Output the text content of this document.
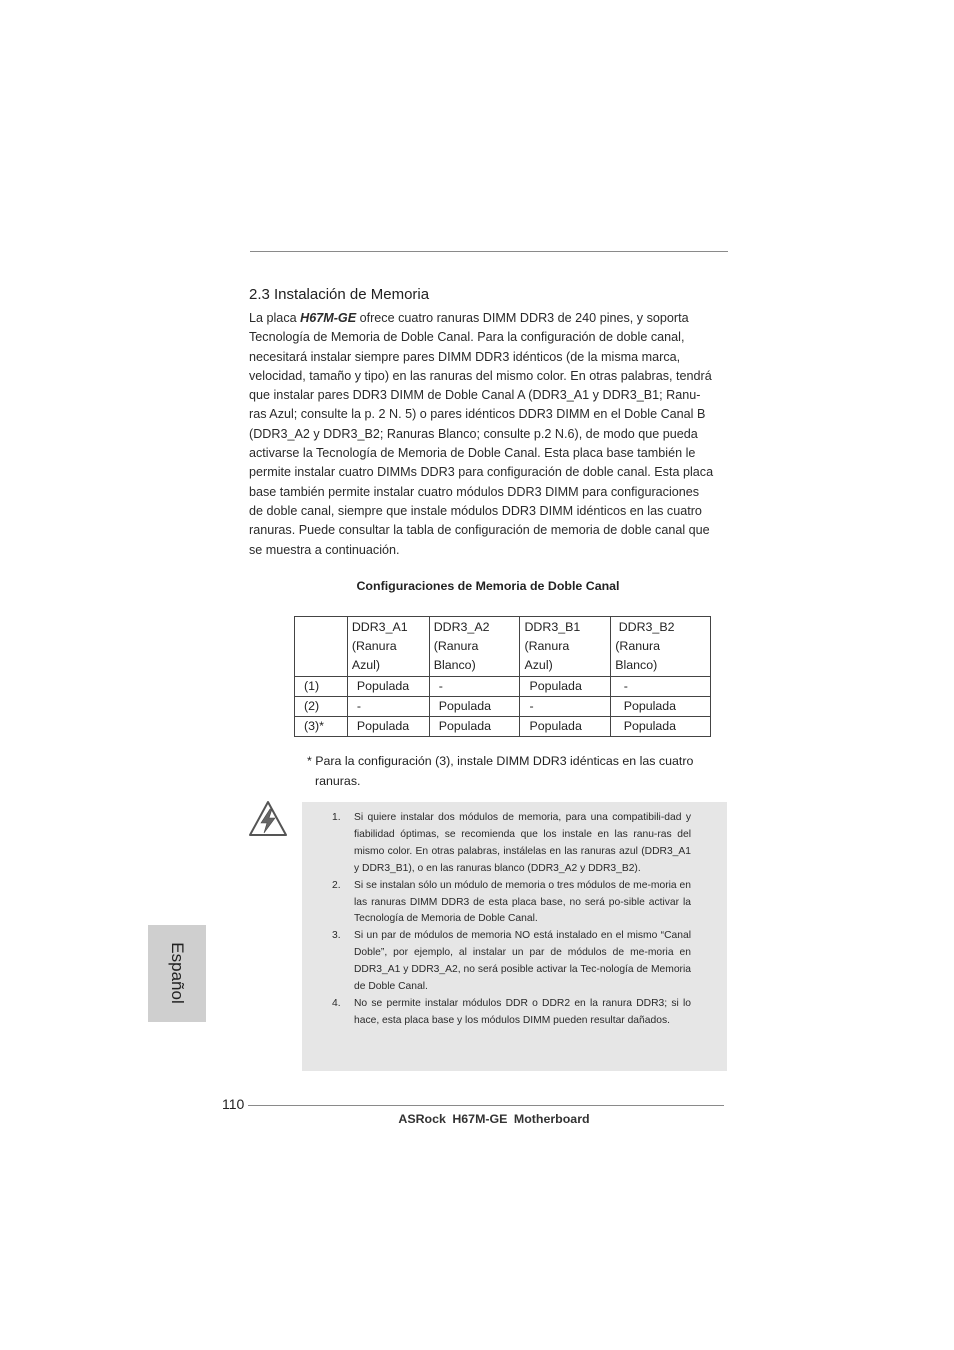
2.3 Instalación de Memoria

La placa H67M-GE ofrece cuatro ranuras DIMM DDR3 de 240 pines, y soporta

Tecnología de Memoria de Doble Canal. Para la configuración de doble canal,

necesitará instalar siempre pares DIMM DDR3 idénticos (de la misma marca,

velocidad, tamaño y tipo) en las ranuras del mismo color. En otras palabras, tendrá

que instalar pares DDR3 DIMM de Doble Canal A (DDR3_A1 y DDR3_B1; Ranu-

ras Azul; consulte la p. 2 N. 5) o pares idénticos DDR3 DIMM en el Doble Canal B

(DDR3_A2 y DDR3_B2; Ranuras Blanco; consulte p.2 N.6), de modo que pueda

activarse la Tecnología de Memoria de Doble Canal. Esta placa base también le

permite instalar cuatro DIMMs DDR3 para configuración de doble canal. Esta placa

base también permite instalar cuatro módulos DDR3 DIMM para configuraciones

de doble canal, siempre que instale módulos DDR3 DIMM idénticos en las cuatro

ranuras. Puede consultar la tabla de configuración de memoria de doble canal que

se muestra a continuación.

Configuraciones de Memoria de Doble Canal
	DDR3_A1
(Ranura
Azul)	DDR3_A2
(Ranura
Blanco)	DDR3_B1
(Ranura
Azul)	DDR3_B2
(Ranura
Blanco)
(1)	Populada	-	Populada	-
(2)	-	Populada	-	Populada
(3)*	Populada	Populada	Populada	Populada

* Para la configuración (3), instale DIMM DDR3 idénticas en las cuatro

ranuras.

1.	Si quiere instalar dos módulos de memoria, para una compatibili-dad y fiabilidad óptimas, se recomienda que los instale en las ranu-ras del mismo color. En otras palabras, instálelas en las ranuras azul (DDR3_A1 y DDR3_B1), o en las ranuras blanco (DDR3_A2 y DDR3_B2).
2.	Si se instalan sólo un módulo de memoria o tres módulos de me-moria en las ranuras DIMM DDR3 de esta placa base, no será po-sible activar la Tecnología de Memoria de Doble Canal.
3.	Si un par de módulos de memoria NO está instalado en el mismo “Canal Doble”, por ejemplo, al instalar un par de módulos de me-moria en DDR3_A1 y DDR3_A2, no será posible activar la Tec-nología de Memoria de Doble Canal.
4.	No se permite instalar módulos DDR o DDR2 en la ranura DDR3; si lo hace, esta placa base y los módulos DIMM pueden resultar dañados.
Español
110
ASRock H67M-GE Motherboard
